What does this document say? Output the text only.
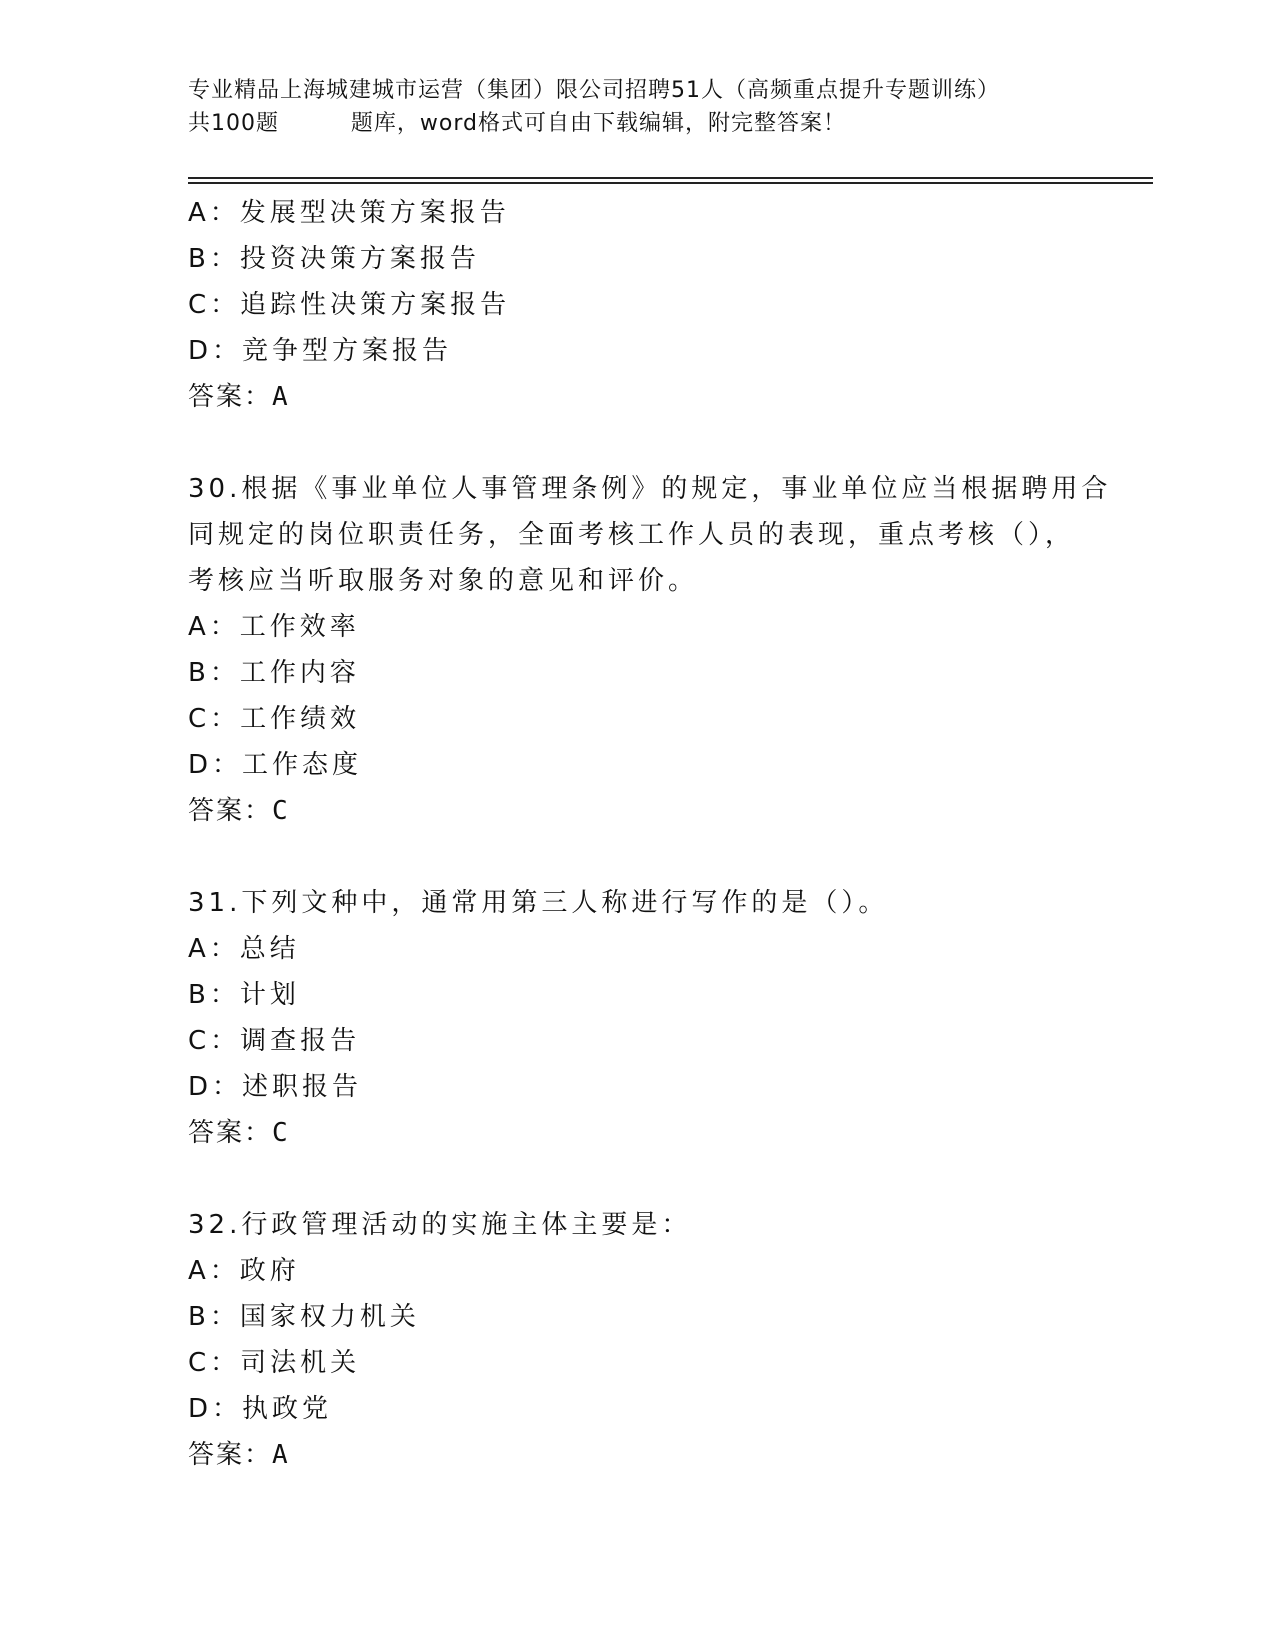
专业精品上海城建城市运营（集团）限公司招聘51人（高频重点提升专题训练）
共100题         题库，word格式可自由下载编辑，附完整答案！
A：发展型决策方案报告
B：投资决策方案报告
C：追踪性决策方案报告
D：竞争型方案报告
答案：A
30.根据《事业单位人事管理条例》的规定，事业单位应当根据聘用合
同规定的岗位职责任务，全面考核工作人员的表现，重点考核（），
考核应当听取服务对象的意见和评价。
A：工作效率
B：工作内容
C：工作绩效
D：工作态度
答案：C
31.下列文种中，通常用第三人称进行写作的是（）。
A：总结
B：计划
C：调查报告
D：述职报告
答案：C
32.行政管理活动的实施主体主要是：
A：政府
B：国家权力机关
C：司法机关
D：执政党
答案：A
